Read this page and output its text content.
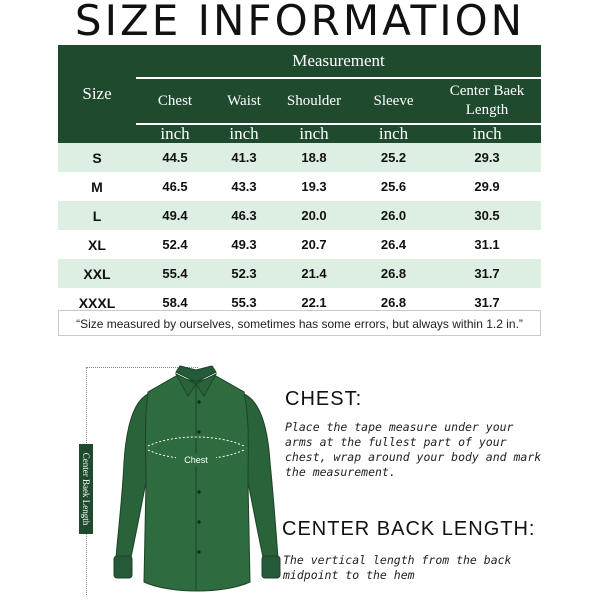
SIZE INFORMATION
Size	Measurement				
	Chest	Waist	Shoulder	Sleeve	Center Baek
Length
	inch	inch	inch	inch	inch
S	44.5	41.3	18.8	25.2	29.3
M	46.5	43.3	19.3	25.6	29.9
L	49.4	46.3	20.0	26.0	30.5
XL	52.4	49.3	20.7	26.4	31.1
XXL	55.4	52.3	21.4	26.8	31.7
XXXL	58.4	55.3	22.1	26.8	31.7
“Size measured by ourselves, sometimes has some errors, but always within 1.2 in.”
Center Baek Length	Chest
CHEST:

Place the tape measure under your arms at the fullest part of your chest, wrap around your body and mark the measurement.

CENTER BACK LENGTH:

The vertical length from the back midpoint to the hem
